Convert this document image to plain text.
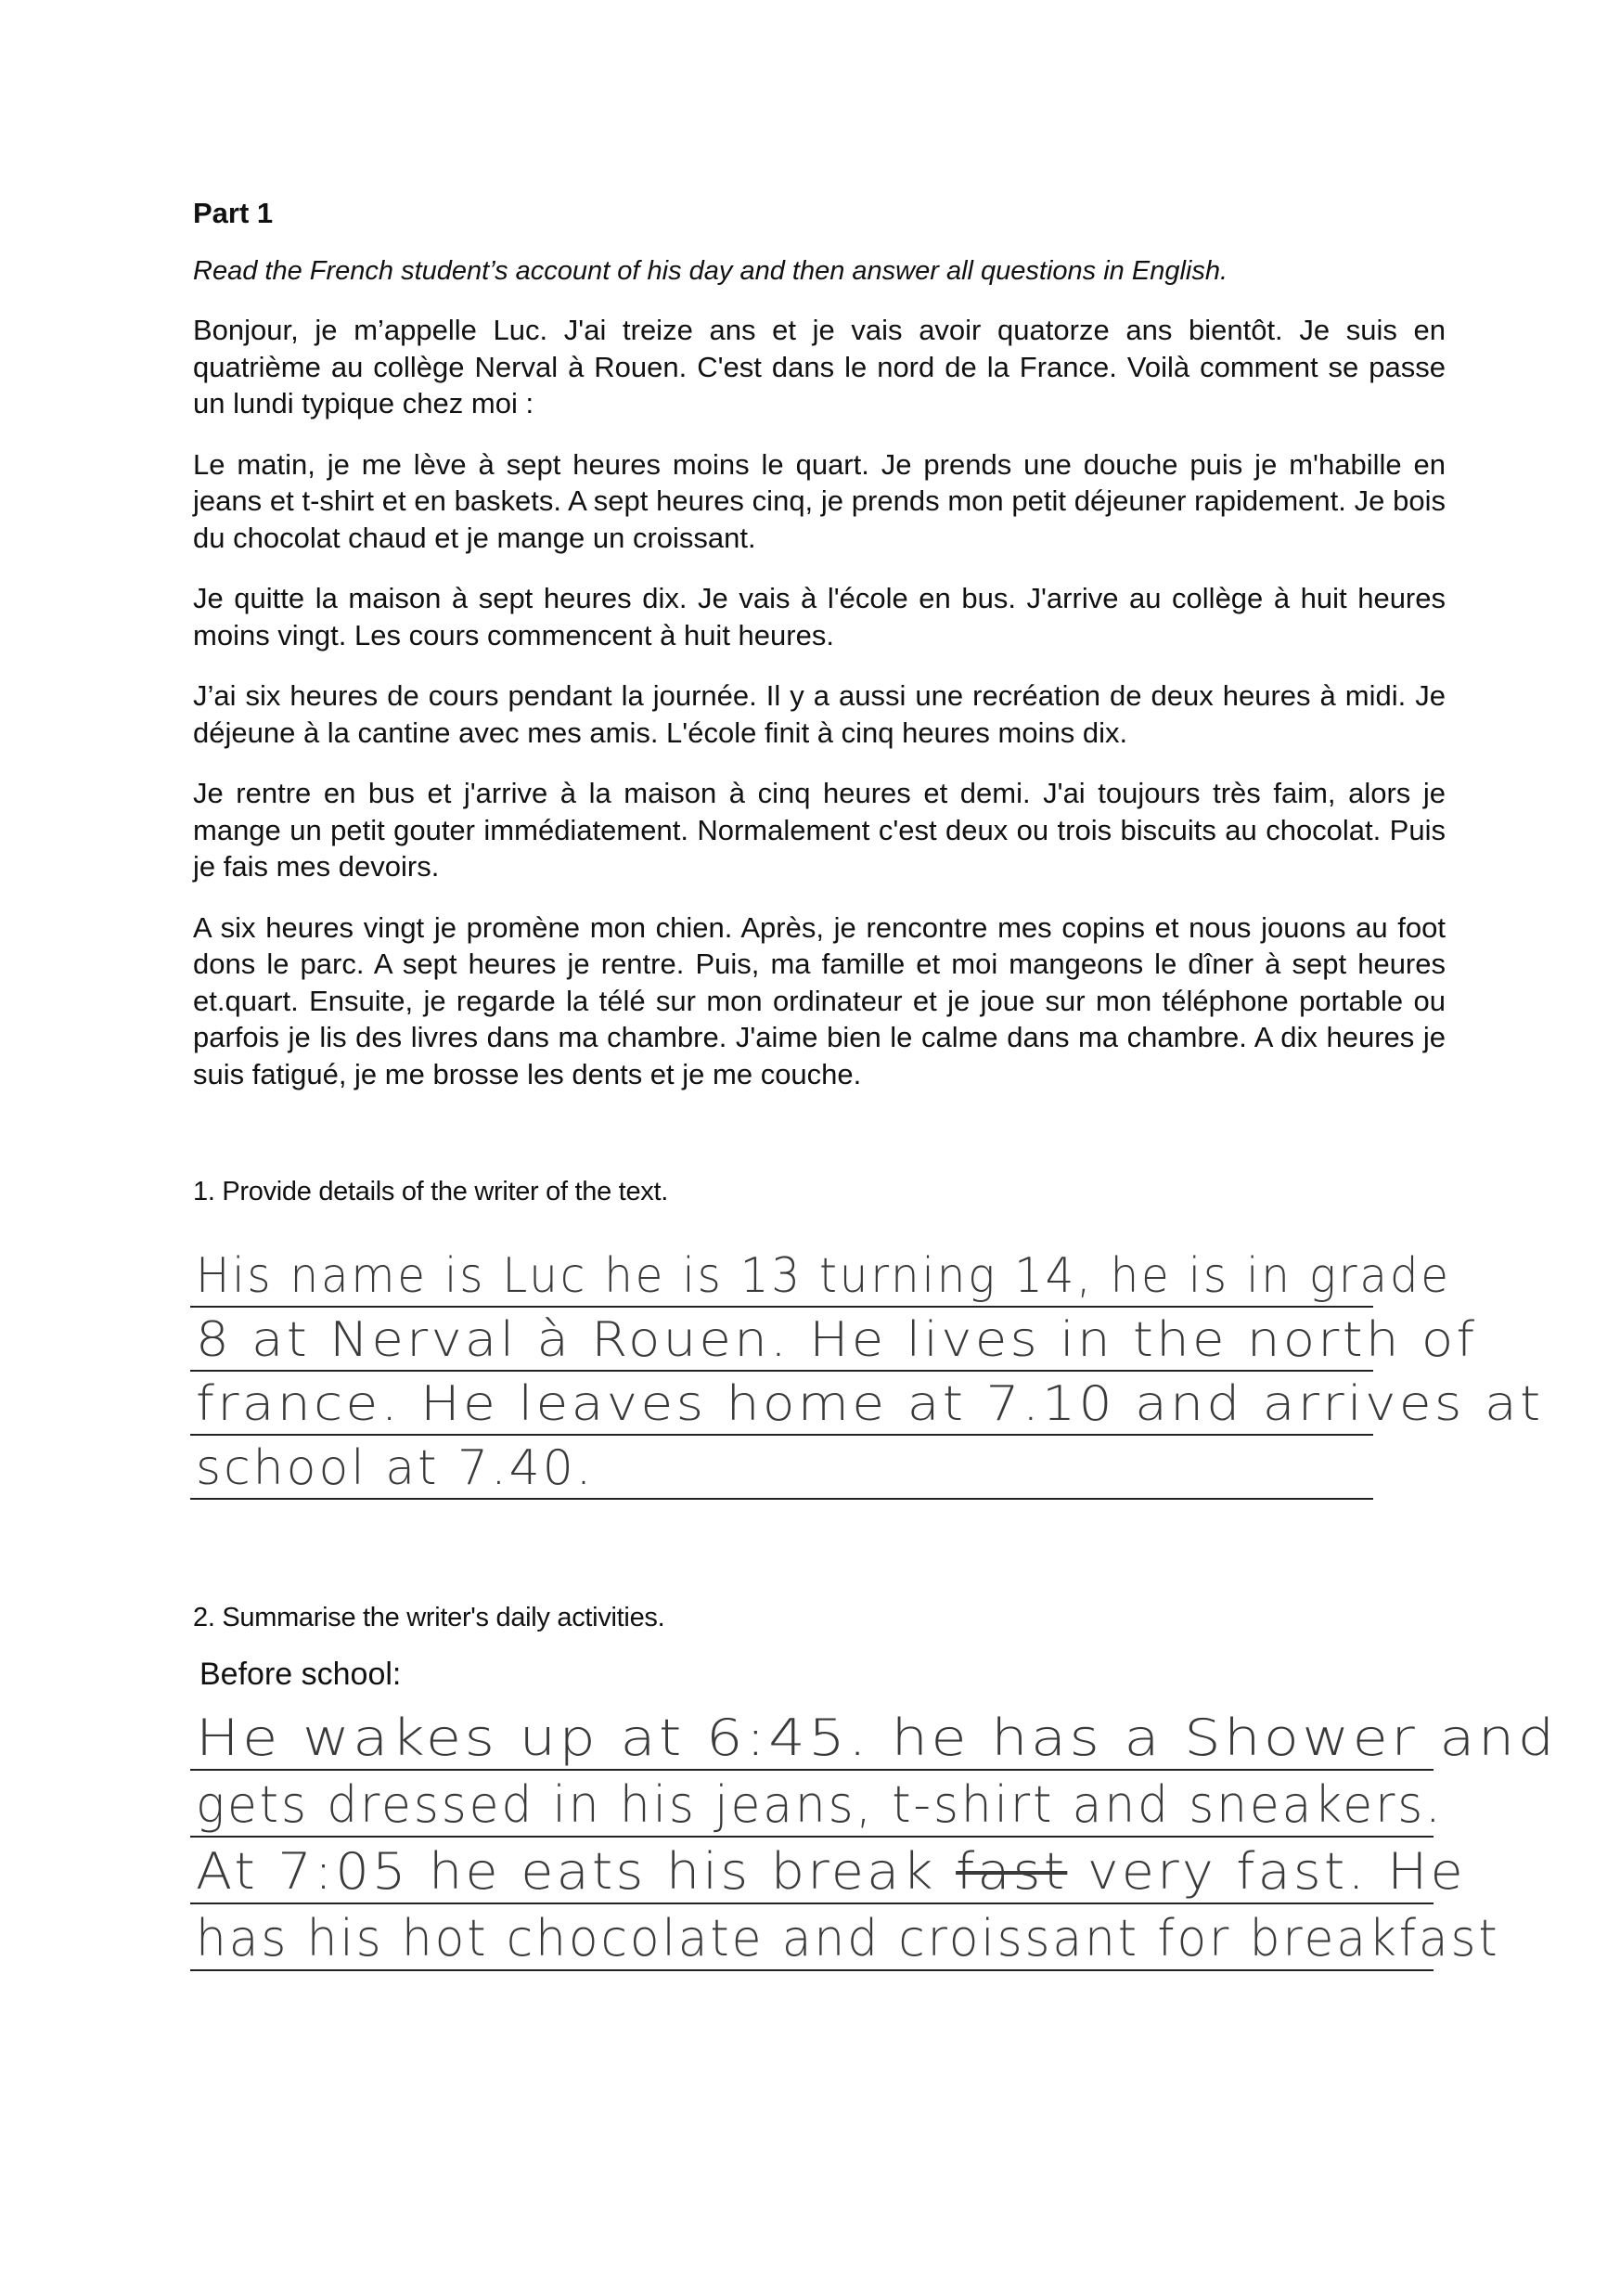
Part 1

Read the French student’s account of his day and then answer all questions in English.

Bonjour, je m’appelle Luc. J'ai treize ans et je vais avoir quatorze ans bientôt. Je suis en quatrième au collège Nerval à Rouen. C'est dans le nord de la France. Voilà comment se passe un lundi typique chez moi :

Le matin, je me lève à sept heures moins le quart. Je prends une douche puis je m'habille en jeans et t-shirt et en baskets. A sept heures cinq, je prends mon petit déjeuner rapidement. Je bois du chocolat chaud et je mange un croissant.

Je quitte la maison à sept heures dix. Je vais à l'école en bus. J'arrive au collège à huit heures moins vingt. Les cours commencent à huit heures.

J’ai six heures de cours pendant la journée. Il y a aussi une recréation de deux heures à midi. Je déjeune à la cantine avec mes amis. L'école finit à cinq heures moins dix.

Je rentre en bus et j'arrive à la maison à cinq heures et demi. J'ai toujours très faim, alors je mange un petit gouter immédiatement. Normalement c'est deux ou trois biscuits au chocolat. Puis je fais mes devoirs.

A six heures vingt je promène mon chien. Après, je rencontre mes copins et nous jouons au foot dons le parc. A sept heures je rentre. Puis, ma famille et moi mangeons le dîner à sept heures et.quart. Ensuite, je regarde la télé sur mon ordinateur et je joue sur mon téléphone portable ou parfois je lis des livres dans ma chambre. J'aime bien le calme dans ma chambre. A dix heures je suis fatigué, je me brosse les dents et je me couche.

1. Provide details of the writer of the text.

His name is Luc he is 13 turning 14, he is in grade
8 at Nerval à Rouen. He lives in the north of
france. He leaves home at 7.10 and arrives at
school at 7.40.

2. Summarise the writer's daily activities.

Before school:

He wakes up at 6:45. he has a Shower and
gets dressed in his jeans, t-shirt and sneakers.
At 7:05 he eats his break fast very fast. He
has his hot chocolate and croissant for breakfast
